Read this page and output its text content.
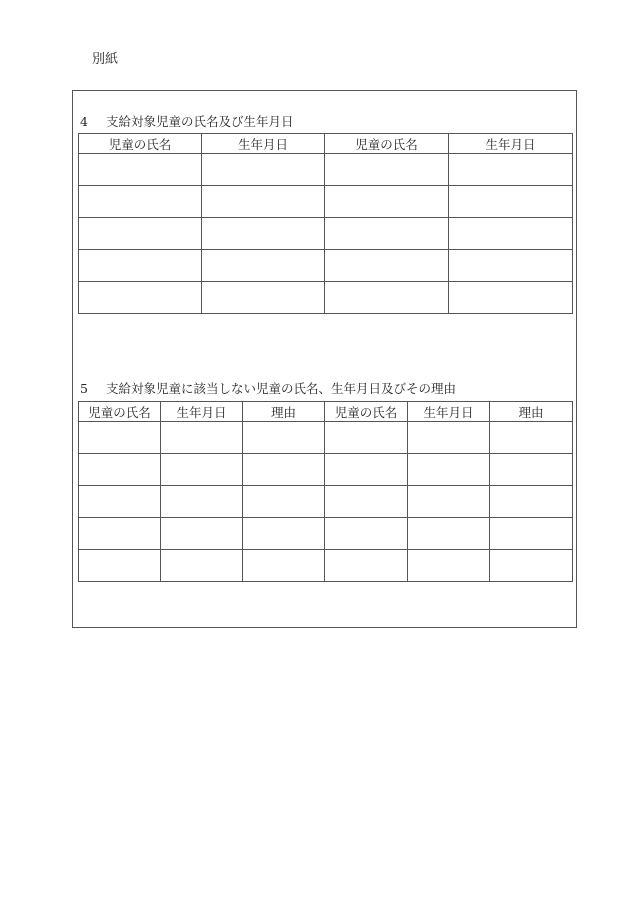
別紙
4 支給対象児童の氏名及び生年月日
児童の氏名	生年月日	児童の氏名	生年月日

5 支給対象児童に該当しない児童の氏名、生年月日及びその理由
児童の氏名	生年月日	理由	児童の氏名	生年月日	理由
